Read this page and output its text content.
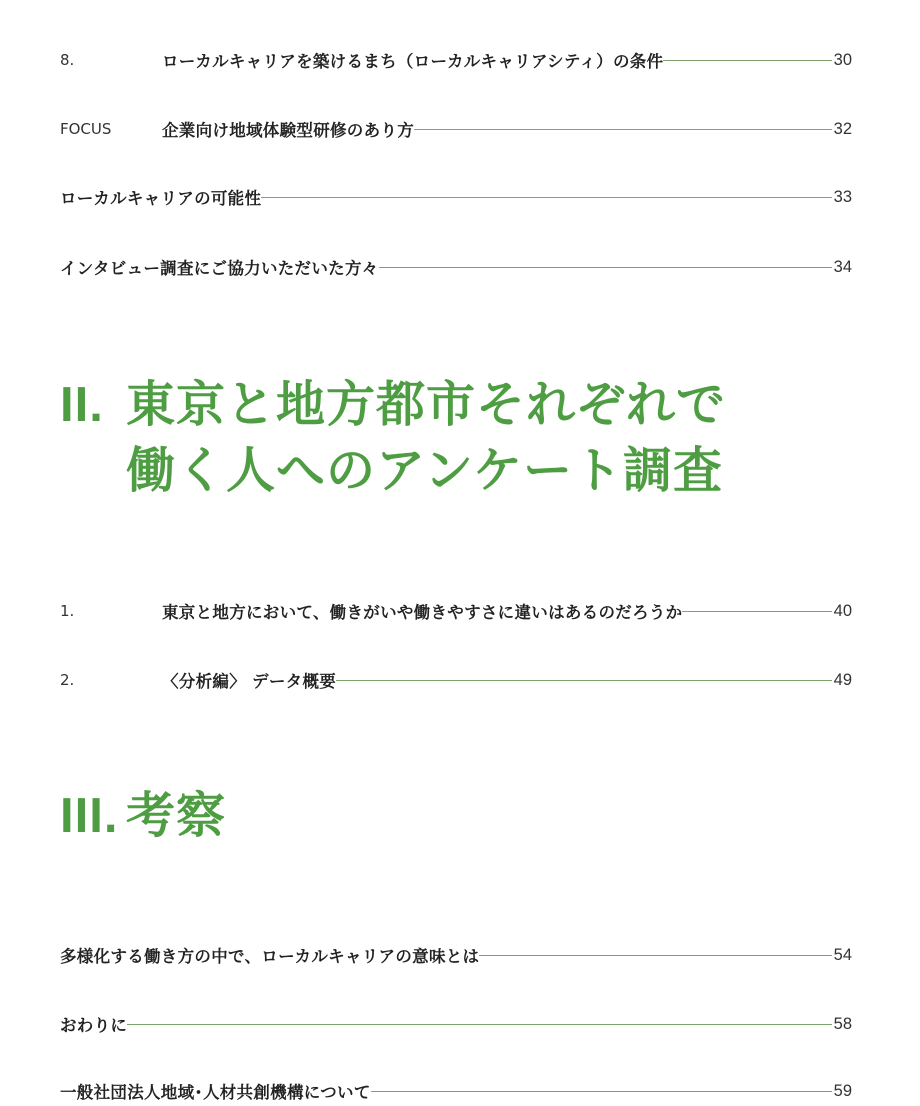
8.	ローカルキャリアを築けるまち（ローカルキャリアシティ）の条件	30
FOCUS	企業向け地域体験型研修のあり方	32
ローカルキャリアの可能性	33
インタビュー調査にご協力いただいた方々	34
II. 東京と地方都市それぞれで
働く人へのアンケート調査
1.	東京と地方において、働きがいや働きやすさに違いはあるのだろうか	40
2.	〈分析編〉 データ概要	49
III. 考察
多様化する働き方の中で、ローカルキャリアの意味とは	54
おわりに	58
一般社団法人地域･人材共創機構について	59
